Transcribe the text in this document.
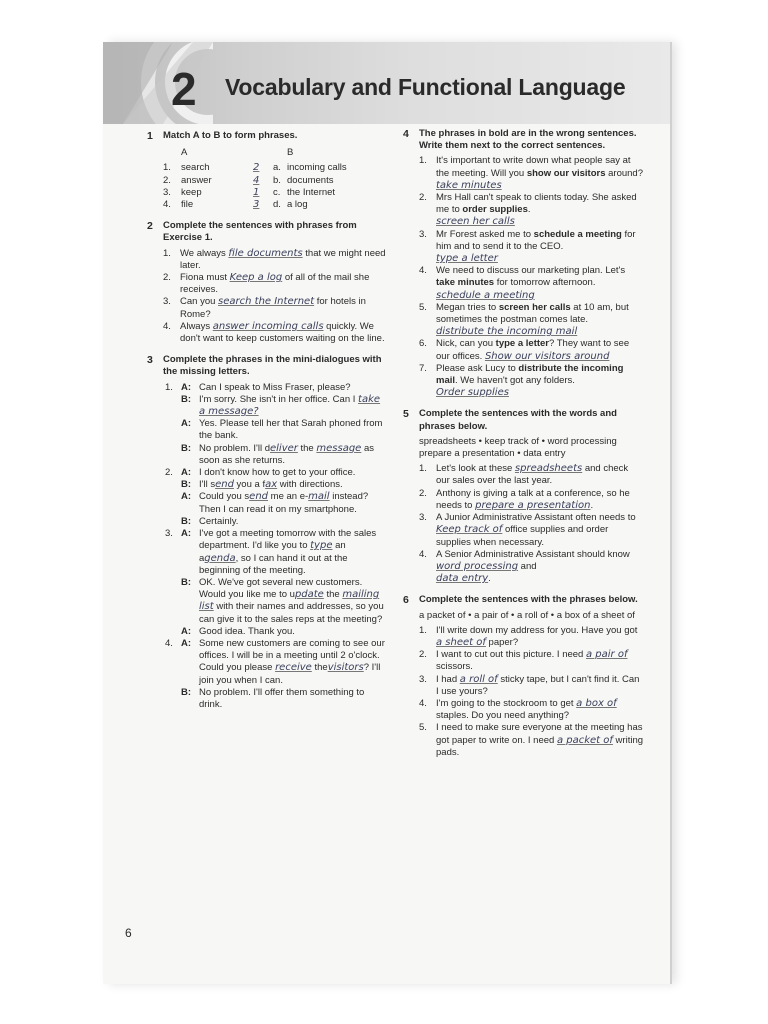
2 Vocabulary and Functional Language
1 Match A to B to form phrases.
A	B
1.	search	2	a. incoming calls
2.	answer	4	b. documents
3.	keep	1	c. the Internet
4.	file	3	d. a log
2 Complete the sentences with phrases from Exercise 1.
1. We always file documents that we might need later.
2. Fiona must Keep a log of all of the mail she receives.
3. Can you search the Internet for hotels in Rome?
4. Always answer incoming calls quickly. We don't want to keep customers waiting on the line.
3 Complete the phrases in the mini-dialogues with the missing letters.
1. A: Can I speak to Miss Fraser, please?
B: I'm sorry. She isn't in her office. Can I take a message?
A: Yes. Please tell her that Sarah phoned from the bank.
B: No problem. I'll deliver the message as soon as she returns.
2. A: I don't know how to get to your office.
B: I'll send you a fax with directions.
A: Could you send me an e-mail instead? Then I can read it on my smartphone.
B: Certainly.
3. A: I've got a meeting tomorrow with the sales department. I'd like you to type an agenda, so I can hand it out at the beginning of the meeting.
B: OK. We've got several new customers. Would you like me to update the mailing list with their names and addresses, so you can give it to the sales reps at the meeting?
A: Good idea. Thank you.
4. A: Some new customers are coming to see our offices. I will be in a meeting until 2 o'clock. Could you please receive thevisitors? I'll join you when I can.
B: No problem. I'll offer them something to drink.
4 The phrases in bold are in the wrong sentences. Write them next to the correct sentences.
1. It's important to write down what people say at the meeting. Will you show our visitors around? take minutes
2. Mrs Hall can't speak to clients today. She asked me to order supplies.
screen her calls
3. Mr Forest asked me to schedule a meeting for him and to send it to the CEO.
type a letter
4. We need to discuss our marketing plan. Let's take minutes for tomorrow afternoon.
schedule a meeting
5. Megan tries to screen her calls at 10 am, but sometimes the postman comes late.
distribute the incoming mail
6. Nick, can you type a letter? They want to see our offices. Show our visitors around
7. Please ask Lucy to distribute the incoming mail. We haven't got any folders.
Order supplies
5 Complete the sentences with the words and phrases below.
spreadsheets • keep track of • word processing prepare a presentation • data entry
1. Let's look at these spreadsheets and check our sales over the last year.
2. Anthony is giving a talk at a conference, so he needs to prepare a presentation.
3. A Junior Administrative Assistant often needs to Keep track of office supplies and order supplies when necessary.
4. A Senior Administrative Assistant should know word processing and
data entry.
6 Complete the sentences with the phrases below.
a packet of • a pair of • a roll of • a box of a sheet of
1. I'll write down my address for you. Have you got a sheet of paper?
2. I want to cut out this picture. I need a pair of scissors.
3. I had a roll of sticky tape, but I can't find it. Can I use yours?
4. I'm going to the stockroom to get a box of staples. Do you need anything?
5. I need to make sure everyone at the meeting has got paper to write on. I need a packet of writing pads.
6
